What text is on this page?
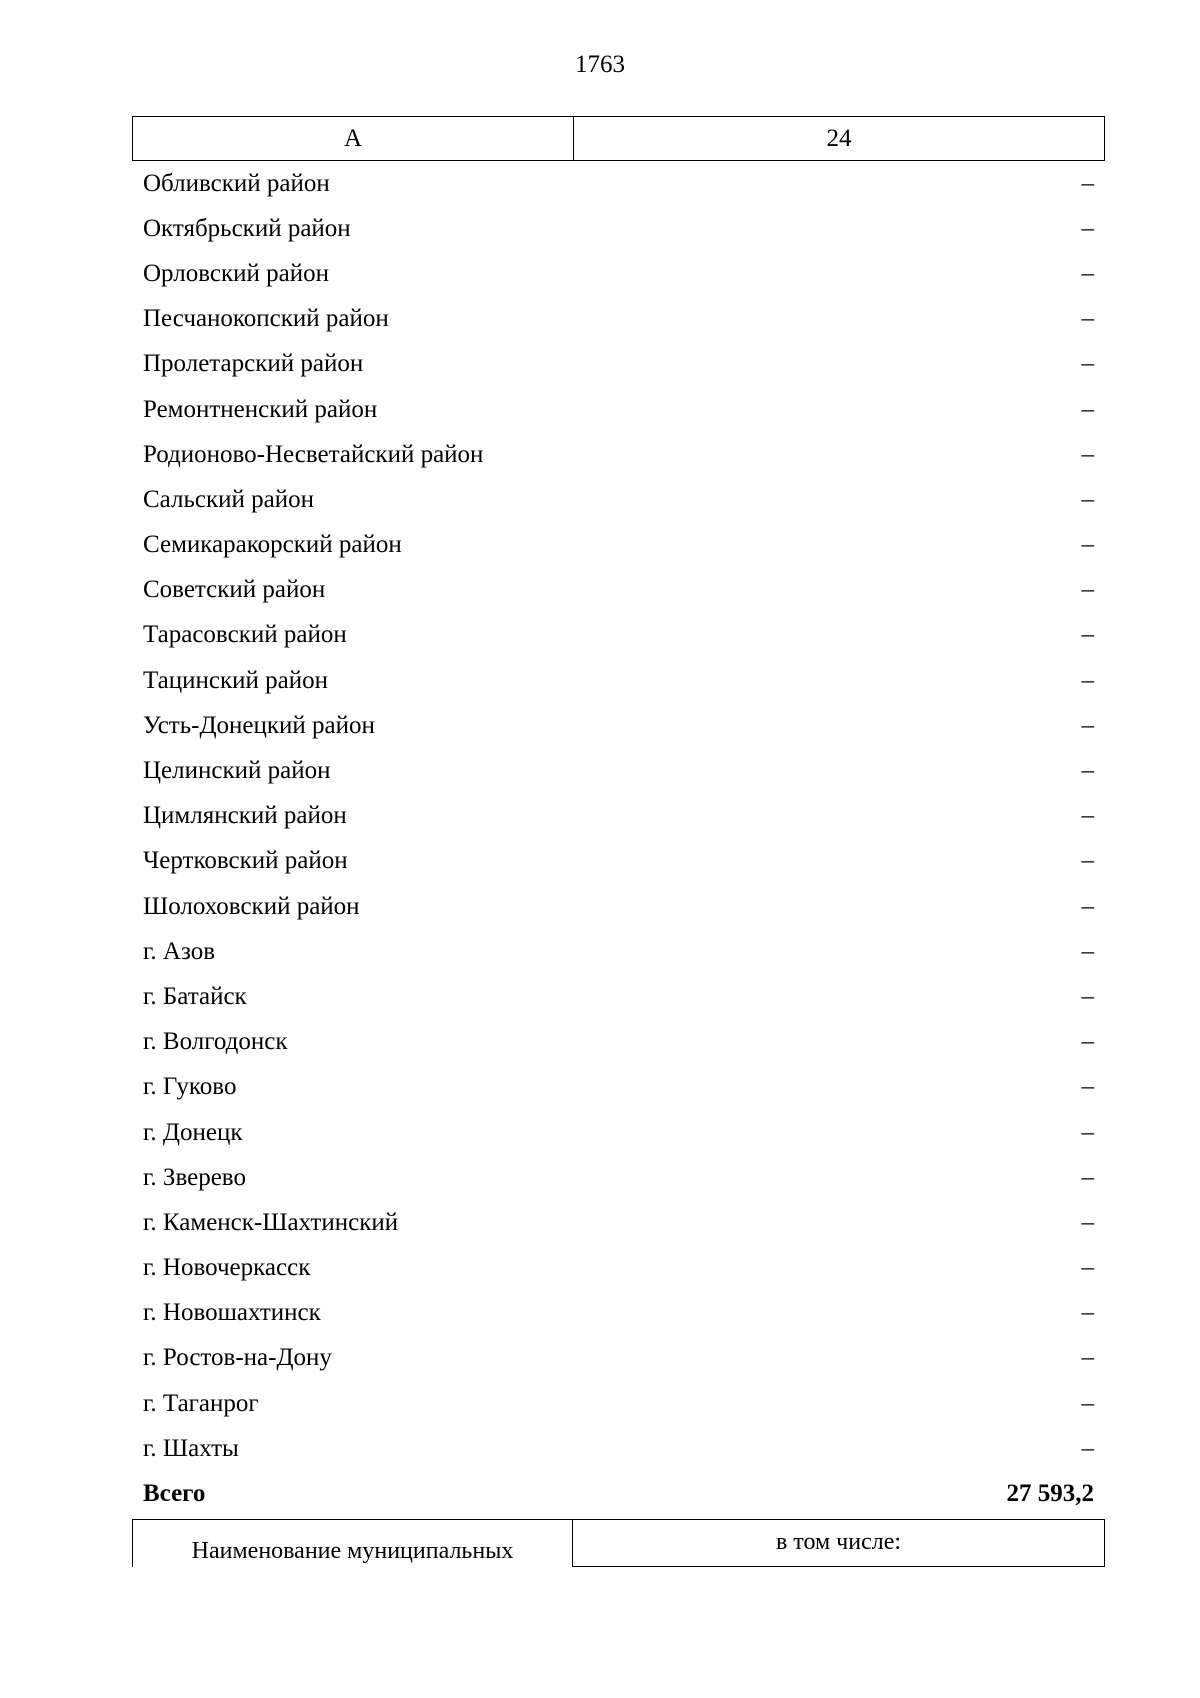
1763
А	24
Обливский район	–
Октябрьский район	–
Орловский район	–
Песчанокопский район	–
Пролетарский район	–
Ремонтненский район	–
Родионово-Несветайский район	–
Сальский район	–
Семикаракорский район	–
Советский район	–
Тарасовский район	–
Тацинский район	–
Усть-Донецкий район	–
Целинский район	–
Цимлянский район	–
Чертковский район	–
Шолоховский район	–
г. Азов	–
г. Батайск	–
г. Волгодонск	–
г. Гуково	–
г. Донецк	–
г. Зверево	–
г. Каменск-Шахтинский	–
г. Новочеркасск	–
г. Новошахтинск	–
г. Ростов-на-Дону	–
г. Таганрог	–
г. Шахты	–
Всего	27 593,2
Наименование муниципальных	в том числе:
